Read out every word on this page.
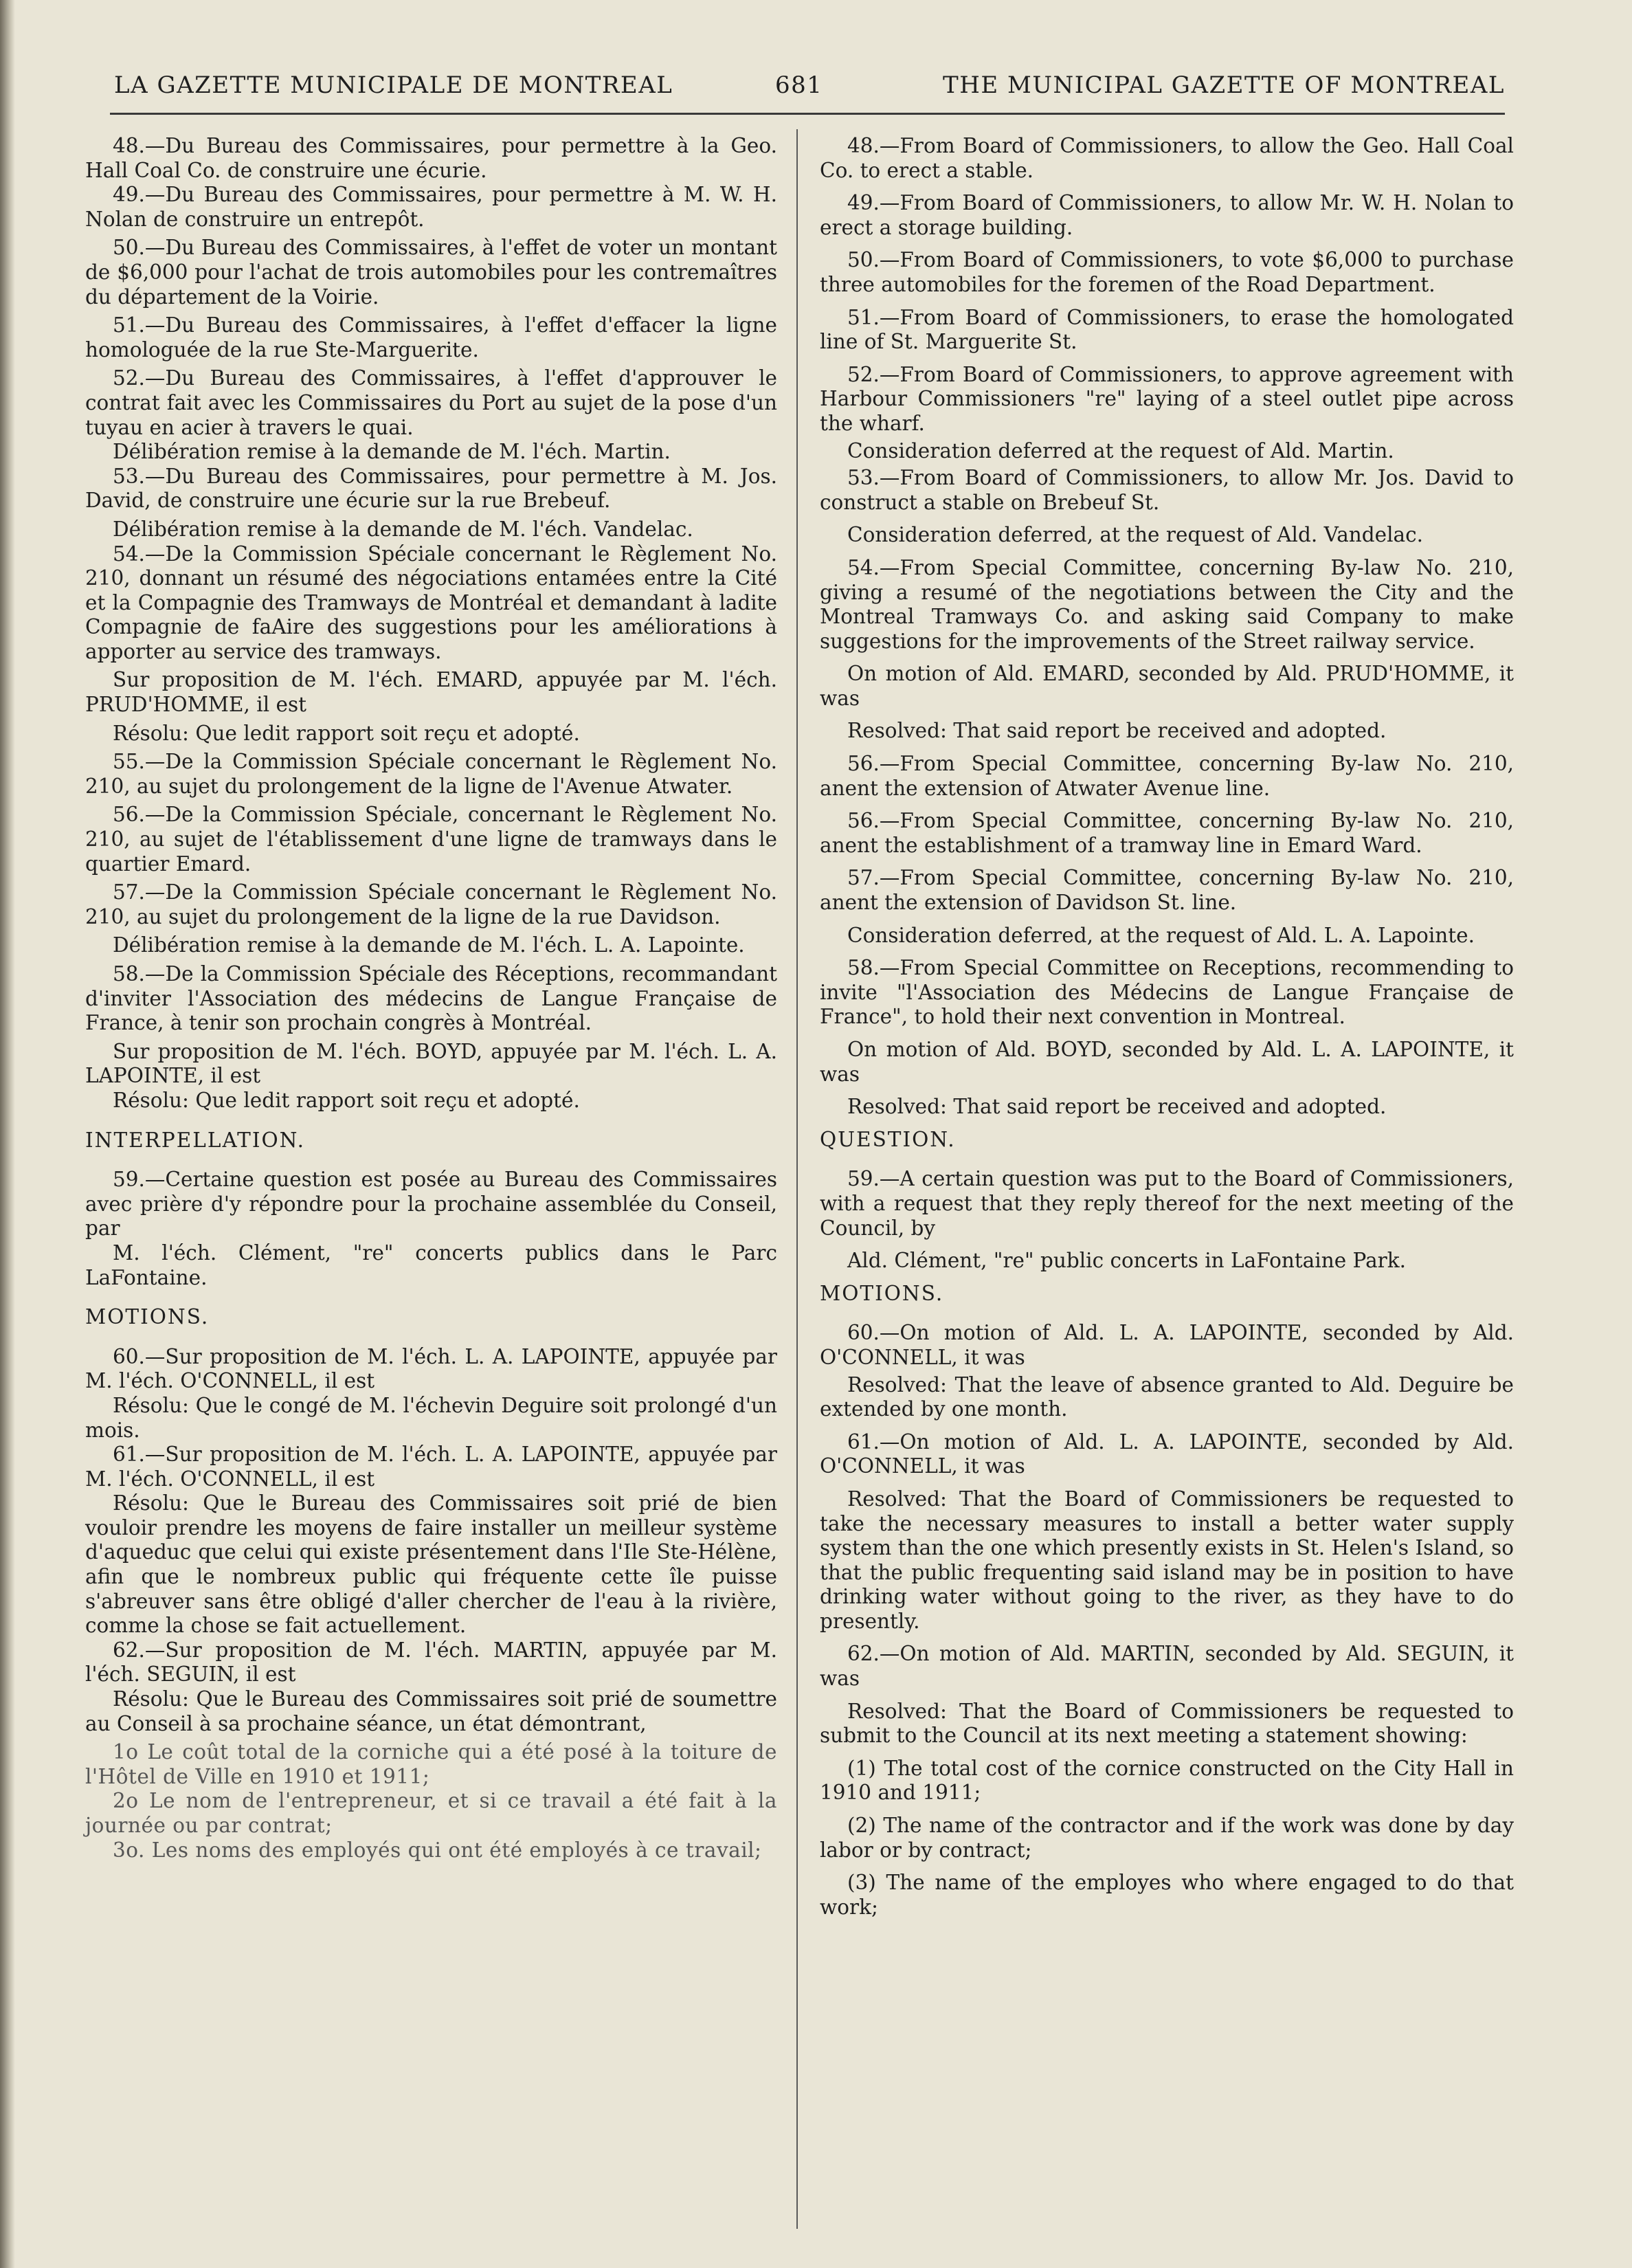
LA GAZETTE MUNICIPALE DE MONTREAL	681	THE MUNICIPAL GAZETTE OF MONTREAL

48.—Du Bureau des Commissaires, pour permettre à la Geo. Hall Coal Co. de construire une écurie.

49.—Du Bureau des Commissaires, pour permettre à M. W. H. Nolan de construire un entrepôt.

50.—Du Bureau des Commissaires, à l'effet de voter un montant de $6,000 pour l'achat de trois automobiles pour les contremaîtres du département de la Voirie.

51.—Du Bureau des Commissaires, à l'effet d'effacer la ligne homologuée de la rue Ste-Marguerite.

52.—Du Bureau des Commissaires, à l'effet d'approuver le contrat fait avec les Commissaires du Port au sujet de la pose d'un tuyau en acier à travers le quai.

Délibération remise à la demande de M. l'éch. Martin.

53.—Du Bureau des Commissaires, pour permettre à M. Jos. David, de construire une écurie sur la rue Brebeuf.

Délibération remise à la demande de M. l'éch. Vandelac.

54.—De la Commission Spéciale concernant le Règlement No. 210, donnant un résumé des négociations entamées entre la Cité et la Compagnie des Tramways de Montréal et demandant à ladite Compagnie de faAire des suggestions pour les améliorations à apporter au service des tramways.

Sur proposition de M. l'éch. EMARD, appuyée par M. l'éch. PRUD'HOMME, il est

Résolu: Que ledit rapport soit reçu et adopté.

55.—De la Commission Spéciale concernant le Règlement No. 210, au sujet du prolongement de la ligne de l'Avenue Atwater.

56.—De la Commission Spéciale, concernant le Règlement No. 210, au sujet de l'établissement d'une ligne de tramways dans le quartier Emard.

57.—De la Commission Spéciale concernant le Règlement No. 210, au sujet du prolongement de la ligne de la rue Davidson.

Délibération remise à la demande de M. l'éch. L. A. Lapointe.

58.—De la Commission Spéciale des Réceptions, recommandant d'inviter l'Association des médecins de Langue Française de France, à tenir son prochain congrès à Montréal.

Sur proposition de M. l'éch. BOYD, appuyée par M. l'éch. L. A. LAPOINTE, il est

Résolu: Que ledit rapport soit reçu et adopté.

INTERPELLATION.

59.—Certaine question est posée au Bureau des Commissaires avec prière d'y répondre pour la prochaine assemblée du Conseil, par

M. l'éch. Clément, "re" concerts publics dans le Parc LaFontaine.

MOTIONS.

60.—Sur proposition de M. l'éch. L. A. LAPOINTE, appuyée par M. l'éch. O'CONNELL, il est

Résolu: Que le congé de M. l'échevin Deguire soit prolongé d'un mois.

61.—Sur proposition de M. l'éch. L. A. LAPOINTE, appuyée par M. l'éch. O'CONNELL, il est

Résolu: Que le Bureau des Commissaires soit prié de bien vouloir prendre les moyens de faire installer un meilleur système d'aqueduc que celui qui existe présentement dans l'Ile Ste-Hélène, afin que le nombreux public qui fréquente cette île puisse s'abreuver sans être obligé d'aller chercher de l'eau à la rivière, comme la chose se fait actuellement.

62.—Sur proposition de M. l'éch. MARTIN, appuyée par M. l'éch. SEGUIN, il est

Résolu: Que le Bureau des Commissaires soit prié de soumettre au Conseil à sa prochaine séance, un état démontrant,

1o Le coût total de la corniche qui a été posé à la toiture de l'Hôtel de Ville en 1910 et 1911;

2o Le nom de l'entrepreneur, et si ce travail a été fait à la journée ou par contrat;

3o. Les noms des employés qui ont été employés à ce travail;

48.—From Board of Commissioners, to allow the Geo. Hall Coal Co. to erect a stable.

49.—From Board of Commissioners, to allow Mr. W. H. Nolan to erect a storage building.

50.—From Board of Commissioners, to vote $6,000 to purchase three automobiles for the foremen of the Road Department.

51.—From Board of Commissioners, to erase the homologated line of St. Marguerite St.

52.—From Board of Commissioners, to approve agreement with Harbour Commissioners "re" laying of a steel outlet pipe across the wharf.

Consideration deferred at the request of Ald. Martin.

53.—From Board of Commissioners, to allow Mr. Jos. David to construct a stable on Brebeuf St.

Consideration deferred, at the request of Ald. Vandelac.

54.—From Special Committee, concerning By-law No. 210, giving a resumé of the negotiations between the City and the Montreal Tramways Co. and asking said Company to make suggestions for the improvements of the Street railway service.

On motion of Ald. EMARD, seconded by Ald. PRUD'HOMME, it was

Resolved: That said report be received and adopted.

56.—From Special Committee, concerning By-law No. 210, anent the extension of Atwater Avenue line.

56.—From Special Committee, concerning By-law No. 210, anent the establishment of a tramway line in Emard Ward.

57.—From Special Committee, concerning By-law No. 210, anent the extension of Davidson St. line.

Consideration deferred, at the request of Ald. L. A. Lapointe.

58.—From Special Committee on Receptions, recommending to invite "l'Association des Médecins de Langue Française de France", to hold their next convention in Montreal.

On motion of Ald. BOYD, seconded by Ald. L. A. LAPOINTE, it was

Resolved: That said report be received and adopted.

QUESTION.

59.—A certain question was put to the Board of Commissioners, with a request that they reply thereof for the next meeting of the Council, by

Ald. Clément, "re" public concerts in LaFontaine Park.

MOTIONS.

60.—On motion of Ald. L. A. LAPOINTE, seconded by Ald. O'CONNELL, it was

Resolved: That the leave of absence granted to Ald. Deguire be extended by one month.

61.—On motion of Ald. L. A. LAPOINTE, seconded by Ald. O'CONNELL, it was

Resolved: That the Board of Commissioners be requested to take the necessary measures to install a better water supply system than the one which presently exists in St. Helen's Island, so that the public frequenting said island may be in position to have drinking water without going to the river, as they have to do presently.

62.—On motion of Ald. MARTIN, seconded by Ald. SEGUIN, it was

Resolved: That the Board of Commissioners be requested to submit to the Council at its next meeting a statement showing:

(1) The total cost of the cornice constructed on the City Hall in 1910 and 1911;

(2) The name of the contractor and if the work was done by day labor or by contract;

(3) The name of the employes who where engaged to do that work;
